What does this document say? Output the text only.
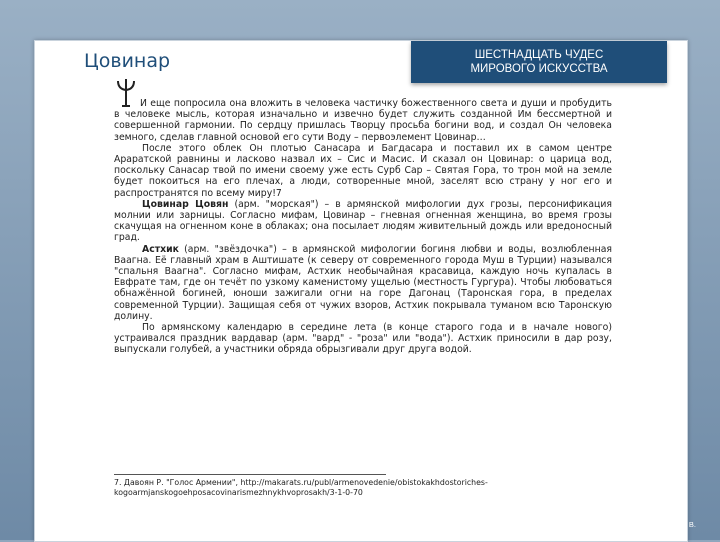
ШЕСТНАДЦАТЬ ЧУДЕС
МИРОВОГО ИСКУССТВА
Цовинар

И еще попросила она вложить в человека частичку божественного света и души и пробудить в человеке мысль, которая изначально и извечно будет служить созданной Им бессмертной и совершенной гармонии. По сердцу пришлась Творцу просьба богини вод, и создал Он человека земного, сделав главной основой его сути Воду – первоэлемент Цовинар…

После этого облек Он плотью Санасара и Багдасара и поставил их в самом центре Араратской равнины и ласково назвал их – Сис и Масис. И сказал он Цовинар: о царица вод, поскольку Санасар твой по имени своему уже есть Сурб Сар – Святая Гора, то трон мой на земле будет покоиться на его плечах, а люди, сотворенные мной, заселят всю страну у ног его и распространятся по всему миру!7

Цовинар Цовян (арм. "морская") – в армянской мифологии дух грозы, персонификация молнии или зарницы. Согласно мифам, Цовинар – гневная огненная женщина, во время грозы скачущая на огненном коне в облаках; она посылает людям живительный дождь или вредоносный град.

Астхик (арм. "звёздочка") – в армянской мифологии богиня любви и воды, возлюбленная Ваагна. Её главный храм в Аштишате (к северу от современного города Муш в Турции) назывался "спальня Ваагна". Согласно мифам, Астхик необычайная красавица, каждую ночь купалась в Евфрате там, где он течёт по узкому каменистому ущелью (местность Гургура). Чтобы любоваться обнажённой богиней, юноши зажигали огни на горе Дагонац (Таронская гора, в пределах современной Турции). Защищая себя от чужих взоров, Астхик покрывала туманом всю Таронскую долину.

По армянскому календарю в середине лета (в конце старого года и в начале нового) устраивался праздник вардавар (арм. "вард" - "роза" или "вода"). Астхик приносили в дар розу, выпускали голубей, а участники обряда обрызгивали друг друга водой.

7. Давоян Р. "Голос Армении", http://makarats.ru/publ/armenovedenie/obistokakhdostoriches-kogoarmjanskogoehposacovinarismezhnykhvoprosakh/3-1-0-70
© 2017, Ваганян В.
